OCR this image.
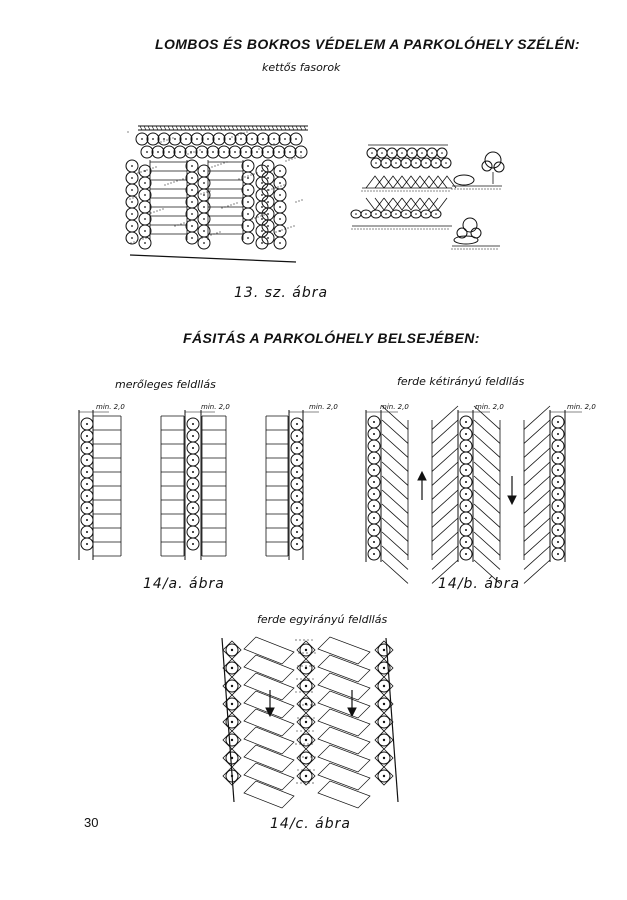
LOMBOS ÉS BOKROS VÉDELEM A PARKOLÓHELY SZÉLÉN:
kettős fasorok
13. sz. ábra
FÁSITÁS A PARKOLÓHELY BELSEJÉBEN:
merőleges feldllás	ferde kétirányú feldllás
min. 2,0	min. 2,0	min. 2,0	min. 2,0	min. 2,0	min. 2,0
14/a. ábra	14/b. ábra
ferde egyirányú feldllás
14/c. ábra
30
